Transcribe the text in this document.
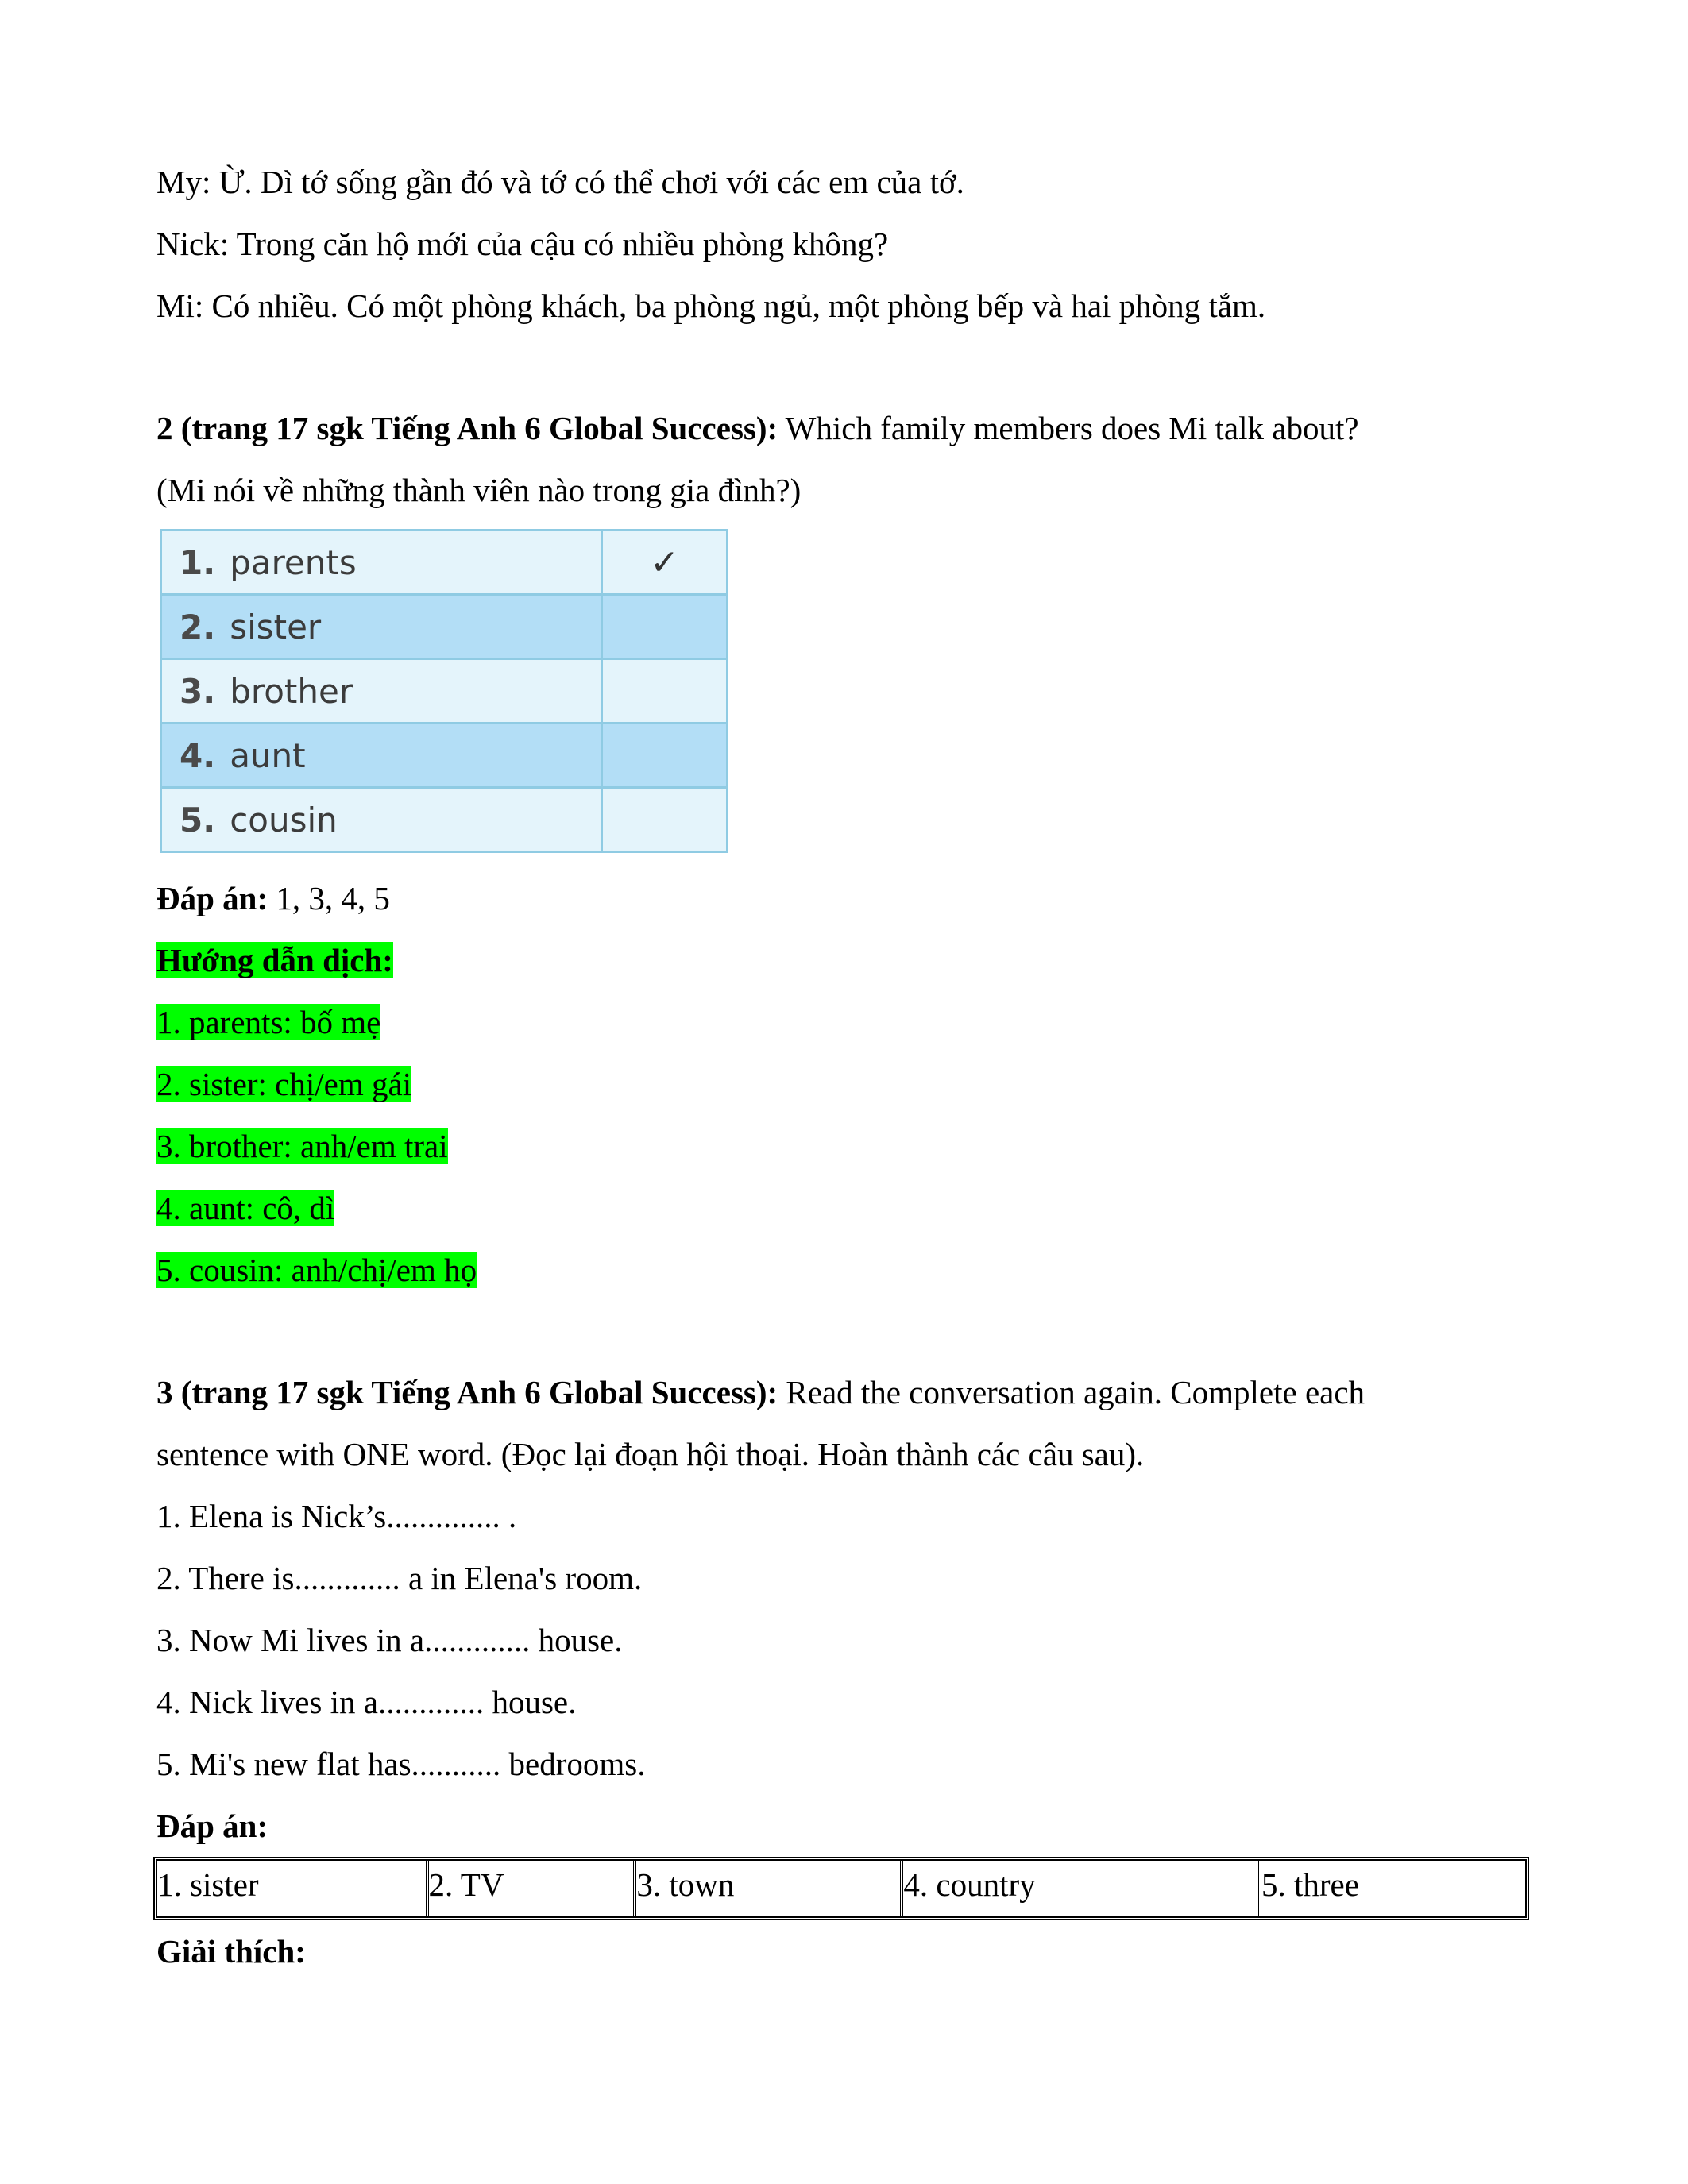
My: Ừ. Dì tớ sống gần đó và tớ có thể chơi với các em của tớ.

Nick: Trong căn hộ mới của cậu có nhiều phòng không?

Mi: Có nhiều. Có một phòng khách, ba phòng ngủ, một phòng bếp và hai phòng tắm.

2 (trang 17 sgk Tiếng Anh 6 Global Success): Which family members does Mi talk about?

(Mi nói về những thành viên nào trong gia đình?)

1. parents	✓
2. sister	
3. brother	
4. aunt	
5. cousin	

Đáp án: 1, 3, 4, 5

Hướng dẫn dịch:

1. parents: bố mẹ

2. sister: chị/em gái

3. brother: anh/em trai

4. aunt: cô, dì

5. cousin: anh/chị/em họ

3 (trang 17 sgk Tiếng Anh 6 Global Success): Read the conversation again. Complete each

sentence with ONE word. (Đọc lại đoạn hội thoại. Hoàn thành các câu sau).

1. Elena is Nick’s.............. .

2. There is............. a in Elena's room.

3. Now Mi lives in a............. house.

4. Nick lives in a............. house.

5. Mi's new flat has........... bedrooms.

Đáp án:

1. sister	2. TV	3. town	4. country	5. three

Giải thích:
